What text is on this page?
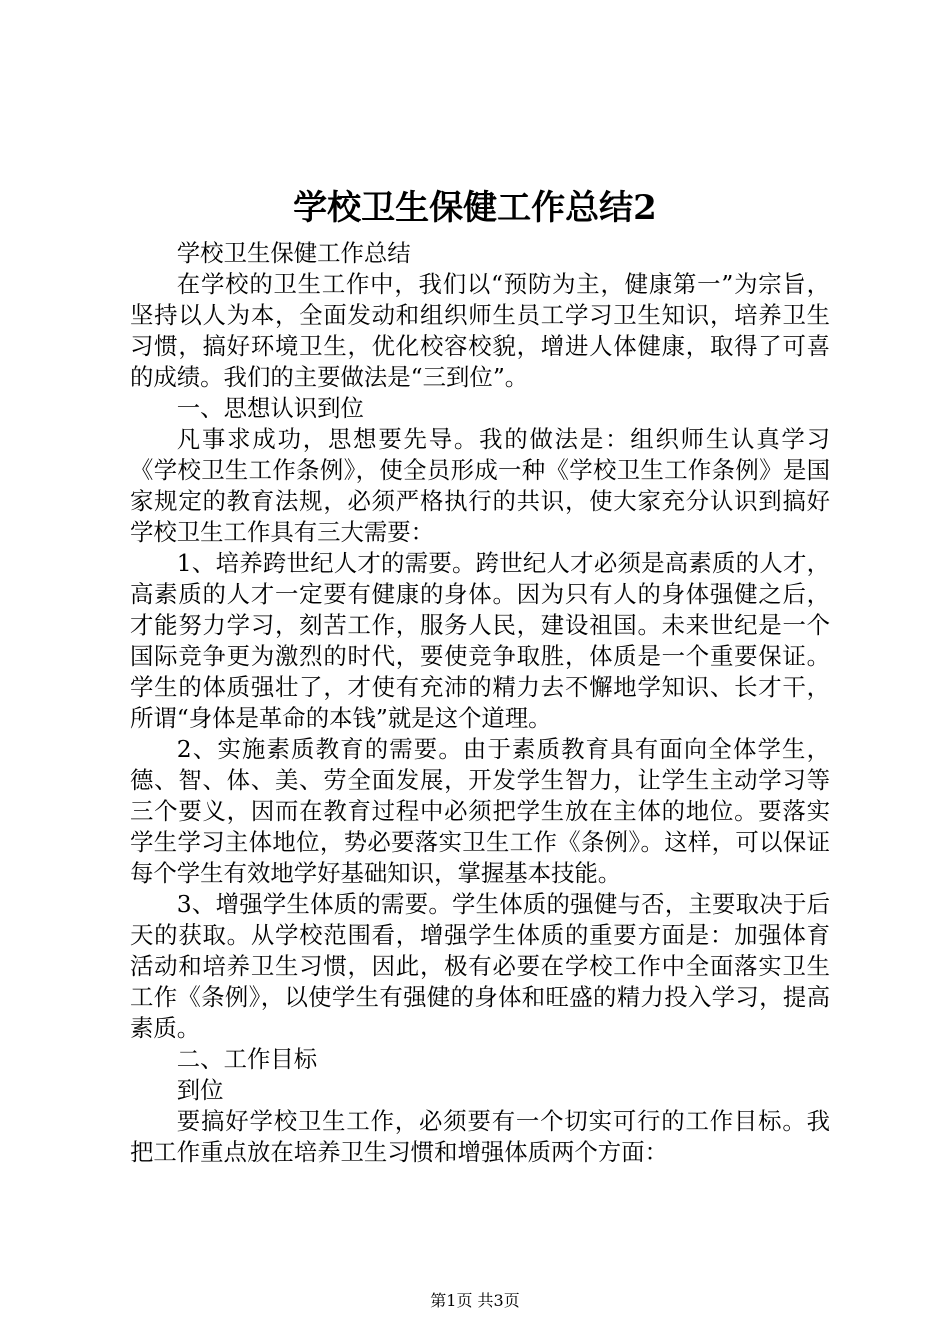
学校卫生保健工作总结2

学校卫生保健工作总结

在学校的卫生工作中，我们以“预防为主，健康第一”为宗旨，坚持以人为本，全面发动和组织师生员工学习卫生知识，培养卫生习惯，搞好环境卫生，优化校容校貌，增进人体健康，取得了可喜的成绩。我们的主要做法是“三到位”。

一、思想认识到位

凡事求成功，思想要先导。我的做法是：组织师生认真学习《学校卫生工作条例》，使全员形成一种《学校卫生工作条例》是国家规定的教育法规，必须严格执行的共识，使大家充分认识到搞好学校卫生工作具有三大需要：

1、培养跨世纪人才的需要。跨世纪人才必须是高素质的人才，高素质的人才一定要有健康的身体。因为只有人的身体强健之后，才能努力学习，刻苦工作，服务人民，建设祖国。未来世纪是一个国际竞争更为激烈的时代，要使竞争取胜，体质是一个重要保证。学生的体质强壮了，才使有充沛的精力去不懈地学知识、长才干，所谓“身体是革命的本钱”就是这个道理。

2、实施素质教育的需要。由于素质教育具有面向全体学生，德、智、体、美、劳全面发展，开发学生智力，让学生主动学习等三个要义，因而在教育过程中必须把学生放在主体的地位。要落实学生学习主体地位，势必要落实卫生工作《条例》。这样，可以保证每个学生有效地学好基础知识，掌握基本技能。

3、增强学生体质的需要。学生体质的强健与否，主要取决于后天的获取。从学校范围看，增强学生体质的重要方面是：加强体育活动和培养卫生习惯，因此，极有必要在学校工作中全面落实卫生工作《条例》，以使学生有强健的身体和旺盛的精力投入学习，提高素质。

二、工作目标

到位

要搞好学校卫生工作，必须要有一个切实可行的工作目标。我把工作重点放在培养卫生习惯和增强体质两个方面：

第1页 共3页
